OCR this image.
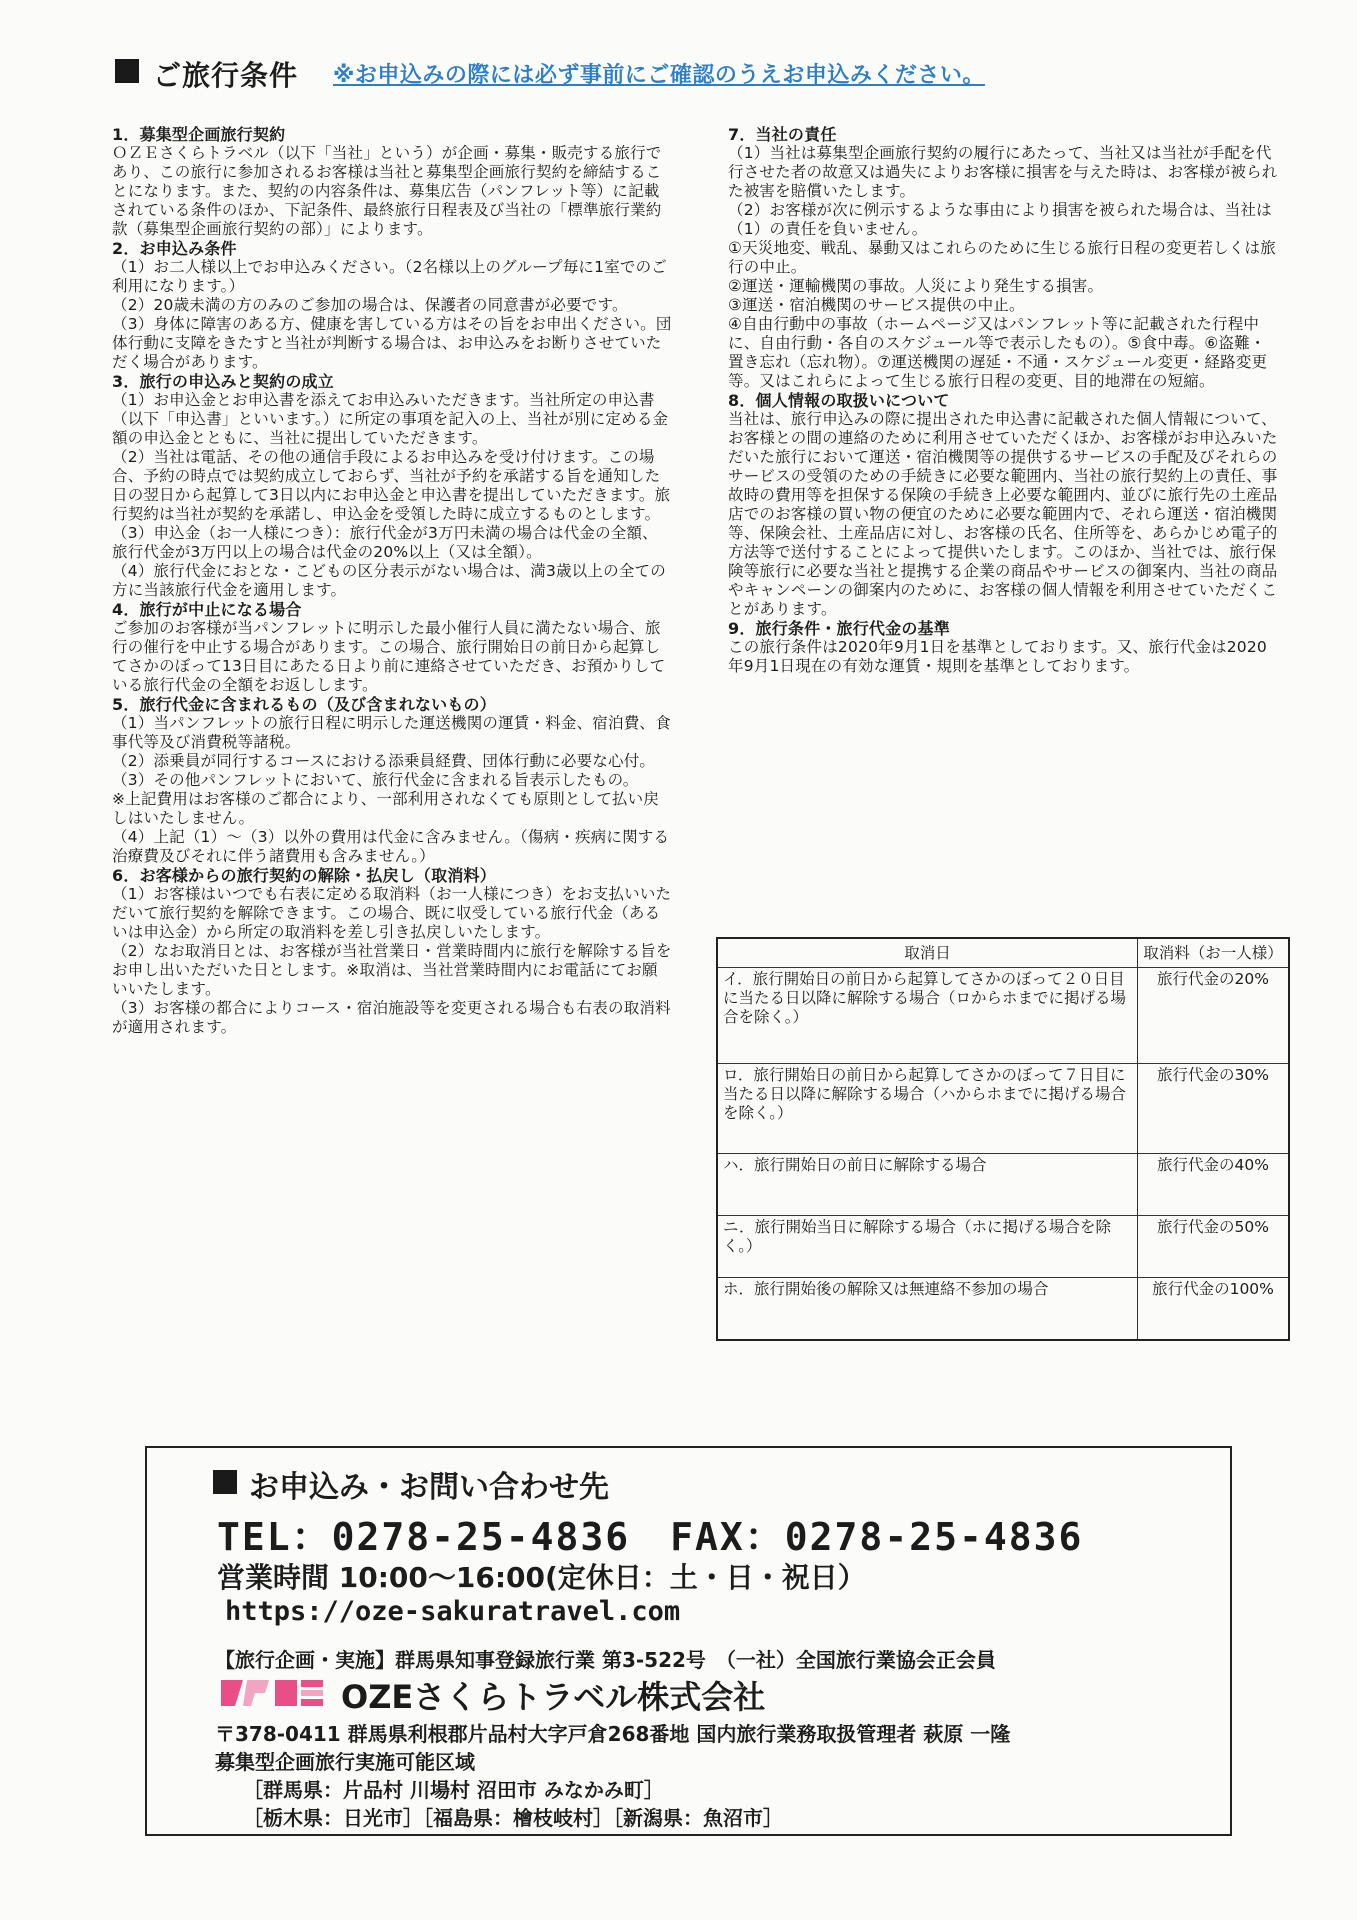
ご旅行条件 ※お申込みの際には必ず事前にご確認のうえお申込みください。
1．募集型企画旅行契約

ＯＺＥさくらトラベル（以下「当社」という）が企画・募集・販売する旅行であり、この旅行に参加されるお客様は当社と募集型企画旅行契約を締結することになります。また、契約の内容条件は、募集広告（パンフレット等）に記載されている条件のほか、下記条件、最終旅行日程表及び当社の「標準旅行業約款（募集型企画旅行契約の部）」によります。

2．お申込み条件

（1）お二人様以上でお申込みください。（2名様以上のグループ毎に1室でのご利用になります。）

（2）20歳未満の方のみのご参加の場合は、保護者の同意書が必要です。

（3）身体に障害のある方、健康を害している方はその旨をお申出ください。団体行動に支障をきたすと当社が判断する場合は、お申込みをお断りさせていただく場合があります。

3．旅行の申込みと契約の成立

（1）お申込金とお申込書を添えてお申込みいただきます。当社所定の申込書（以下「申込書」といいます。）に所定の事項を記入の上、当社が別に定める金額の申込金とともに、当社に提出していただきます。

（2）当社は電話、その他の通信手段によるお申込みを受け付けます。この場合、予約の時点では契約成立しておらず、当社が予約を承諾する旨を通知した日の翌日から起算して3日以内にお申込金と申込書を提出していただきます。旅行契約は当社が契約を承諾し、申込金を受領した時に成立するものとします。

（3）申込金（お一人様につき）：旅行代金が3万円未満の場合は代金の全額、旅行代金が3万円以上の場合は代金の20%以上（又は全額）。

（4）旅行代金におとな・こどもの区分表示がない場合は、満3歳以上の全ての方に当該旅行代金を適用します。

4．旅行が中止になる場合

ご参加のお客様が当パンフレットに明示した最小催行人員に満たない場合、旅行の催行を中止する場合があります。この場合、旅行開始日の前日から起算してさかのぼって13日目にあたる日より前に連絡させていただき、お預かりしている旅行代金の全額をお返しします。

5．旅行代金に含まれるもの（及び含まれないもの）

（1）当パンフレットの旅行日程に明示した運送機関の運賃・料金、宿泊費、食事代等及び消費税等諸税。

（2）添乗員が同行するコースにおける添乗員経費、団体行動に必要な心付。

（3）その他パンフレットにおいて、旅行代金に含まれる旨表示したもの。

※上記費用はお客様のご都合により、一部利用されなくても原則として払い戻しはいたしません。

（4）上記（1）～（3）以外の費用は代金に含みません。（傷病・疾病に関する治療費及びそれに伴う諸費用も含みません。）

6．お客様からの旅行契約の解除・払戻し（取消料）

（1）お客様はいつでも右表に定める取消料（お一人様につき）をお支払いいただいて旅行契約を解除できます。この場合、既に収受している旅行代金（あるいは申込金）から所定の取消料を差し引き払戻しいたします。

（2）なお取消日とは、お客様が当社営業日・営業時間内に旅行を解除する旨をお申し出いただいた日とします。※取消は、当社営業時間内にお電話にてお願いいたします。

（3）お客様の都合によりコース・宿泊施設等を変更される場合も右表の取消料が適用されます。

7．当社の責任

（1）当社は募集型企画旅行契約の履行にあたって、当社又は当社が手配を代行させた者の故意又は過失によりお客様に損害を与えた時は、お客様が被られた被害を賠償いたします。

（2）お客様が次に例示するような事由により損害を被られた場合は、当社は（1）の責任を負いません。

①天災地変、戦乱、暴動又はこれらのために生じる旅行日程の変更若しくは旅行の中止。

②運送・運輸機関の事故。人災により発生する損害。

③運送・宿泊機関のサービス提供の中止。

④自由行動中の事故（ホームページ又はパンフレット等に記載された行程中に、自由行動・各自のスケジュール等で表示したもの）。⑤食中毒。⑥盗難・置き忘れ（忘れ物）。⑦運送機関の遅延・不通・スケジュール変更・経路変更等。又はこれらによって生じる旅行日程の変更、目的地滞在の短縮。

8．個人情報の取扱いについて

当社は、旅行申込みの際に提出された申込書に記載された個人情報について、お客様との間の連絡のために利用させていただくほか、お客様がお申込みいただいた旅行において運送・宿泊機関等の提供するサービスの手配及びそれらのサービスの受領のための手続きに必要な範囲内、当社の旅行契約上の責任、事故時の費用等を担保する保険の手続き上必要な範囲内、並びに旅行先の土産品店でのお客様の買い物の便宜のために必要な範囲内で、それら運送・宿泊機関等、保険会社、土産品店に対し、お客様の氏名、住所等を、あらかじめ電子的方法等で送付することによって提供いたします。このほか、当社では、旅行保険等旅行に必要な当社と提携する企業の商品やサービスの御案内、当社の商品やキャンペーンの御案内のために、お客様の個人情報を利用させていただくことがあります。

9．旅行条件・旅行代金の基準

この旅行条件は2020年9月1日を基準としております。又、旅行代金は2020年9月1日現在の有効な運賃・規則を基準としております。

取消日	取消料（お一人様）
イ．旅行開始日の前日から起算してさかのぼって２０日目に当たる日以降に解除する場合（ロからホまでに掲げる場合を除く。）	旅行代金の20%
ロ．旅行開始日の前日から起算してさかのぼって７日目に当たる日以降に解除する場合（ハからホまでに掲げる場合を除く。）	旅行代金の30%
ハ．旅行開始日の前日に解除する場合	旅行代金の40%
ニ．旅行開始当日に解除する場合（ホに掲げる場合を除く。）	旅行代金の50%
ホ．旅行開始後の解除又は無連絡不参加の場合	旅行代金の100%
お申込み・お問い合わせ先
TEL：0278-25-4836　FAX：0278-25-4836
営業時間 10:00～16:00(定休日：土・日・祝日）
https://oze-sakuratravel.com
【旅行企画・実施】群馬県知事登録旅行業 第3-522号　（一社）全国旅行業協会正会員
OZEさくらトラベル株式会社
〒378-0411 群馬県利根郡片品村大字戸倉268番地 国内旅行業務取扱管理者 萩原 一隆
募集型企画旅行実施可能区域
［群馬県：片品村 川場村 沼田市 みなかみ町］
［栃木県：日光市］［福島県：檜枝岐村］［新潟県：魚沼市］
